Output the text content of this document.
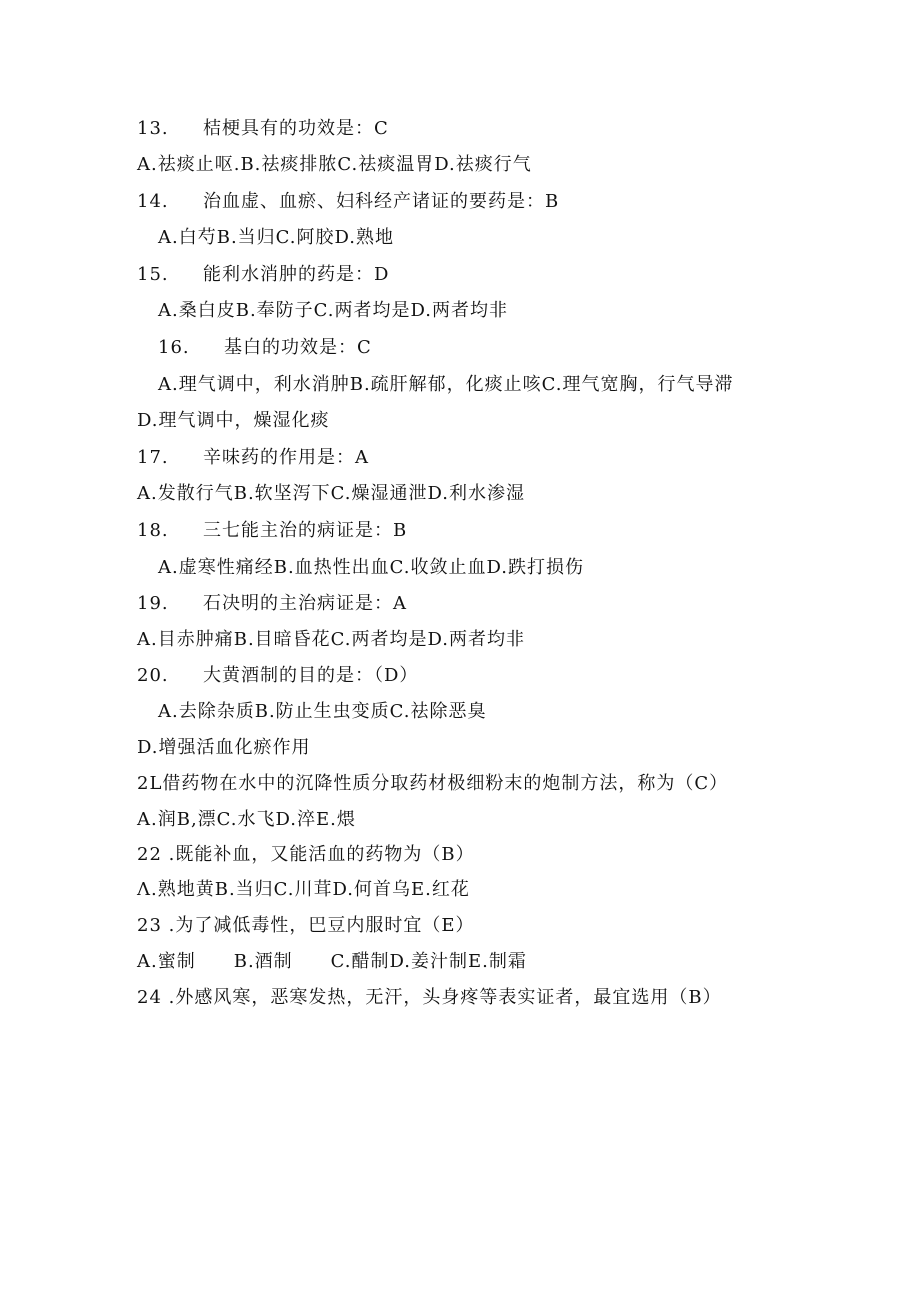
13. 桔梗具有的功效是：C
A.祛痰止呕.B.祛痰排脓C.祛痰温胃D.祛痰行气
14. 治血虚、血瘀、妇科经产诸证的要药是：B
A.白芍B.当归C.阿胶D.熟地
15. 能利水消肿的药是：D
A.桑白皮B.奉防子C.两者均是D.两者均非
16. 基白的功效是：C
A.理气调中，利水消肿B.疏肝解郁，化痰止咳C.理气宽胸，行气导滞
D.理气调中，燥湿化痰
17. 辛味药的作用是：A
A.发散行气B.软坚泻下C.燥湿通泄D.利水渗湿
18. 三七能主治的病证是：B
A.虚寒性痛经B.血热性出血C.收敛止血D.跌打损伤
19. 石决明的主治病证是：A
A.目赤肿痛B.目暗昏花C.两者均是D.两者均非
20. 大黄酒制的目的是：（D）
A.去除杂质B.防止生虫变质C.祛除恶臭
D.增强活血化瘀作用
2L借药物在水中的沉降性质分取药材极细粉末的炮制方法，称为（C）
A.润B,漂C.水飞D.淬E.煨
22 .既能补血，又能活血的药物为（B）
Λ.熟地黄B.当归C.川茸D.何首乌E.红花
23 .为了减低毒性，巴豆内服时宜（E）
A.蜜制　　B.酒制　　C.醋制D.姜汁制E.制霜
24 .外感风寒，恶寒发热，无汗，头身疼等表实证者，最宜选用（B）
